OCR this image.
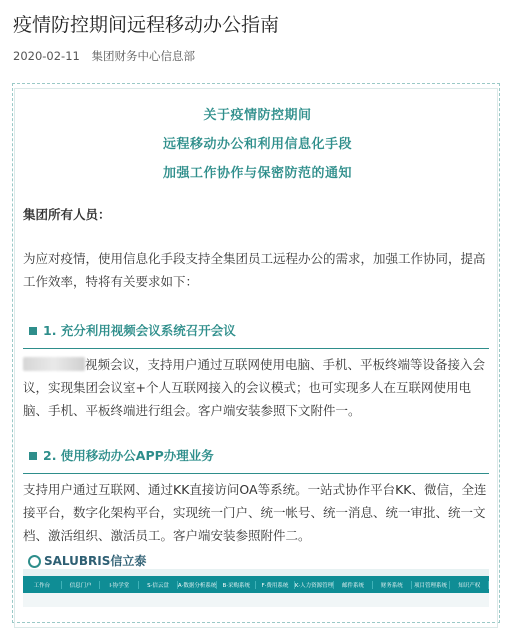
疫情防控期间远程移动办公指南
2020-02-11 集团财务中心信息部
关于疫情防控期间
远程移动办公和利用信息化手段
加强工作协作与保密防范的通知
集团所有人员：
为应对疫情，使用信息化手段支持全集团员工远程办公的需求，加强工作协同，提高工作效率，特将有关要求如下：
1. 充分利用视频会议系统召开会议
视频会议，支持用户通过互联网使用电脑、手机、平板终端等设备接入会议，实现集团会议室+个人互联网接入的会议模式；也可实现多人在互联网使用电脑、手机、平板终端进行组会。客户端安装参照下文附件一。
2. 使用移动办公APP办理业务
支持用户通过互联网、通过KK直接访问OA等系统。一站式协作平台KK、微信，全连接平台，数字化架构平台，实现统一门户、统一帐号、统一消息、统一审批、统一文档、激活组织、激活员工。客户端安装参照附件二。
SALUBRIS信立泰
工作台	信息门户	I·协学堂	S·信云盘	A·数据分析系统	B·采购系统	F·费用系统	K·人力资源管理	邮件系统	财务系统	项目管理系统	知识产权
